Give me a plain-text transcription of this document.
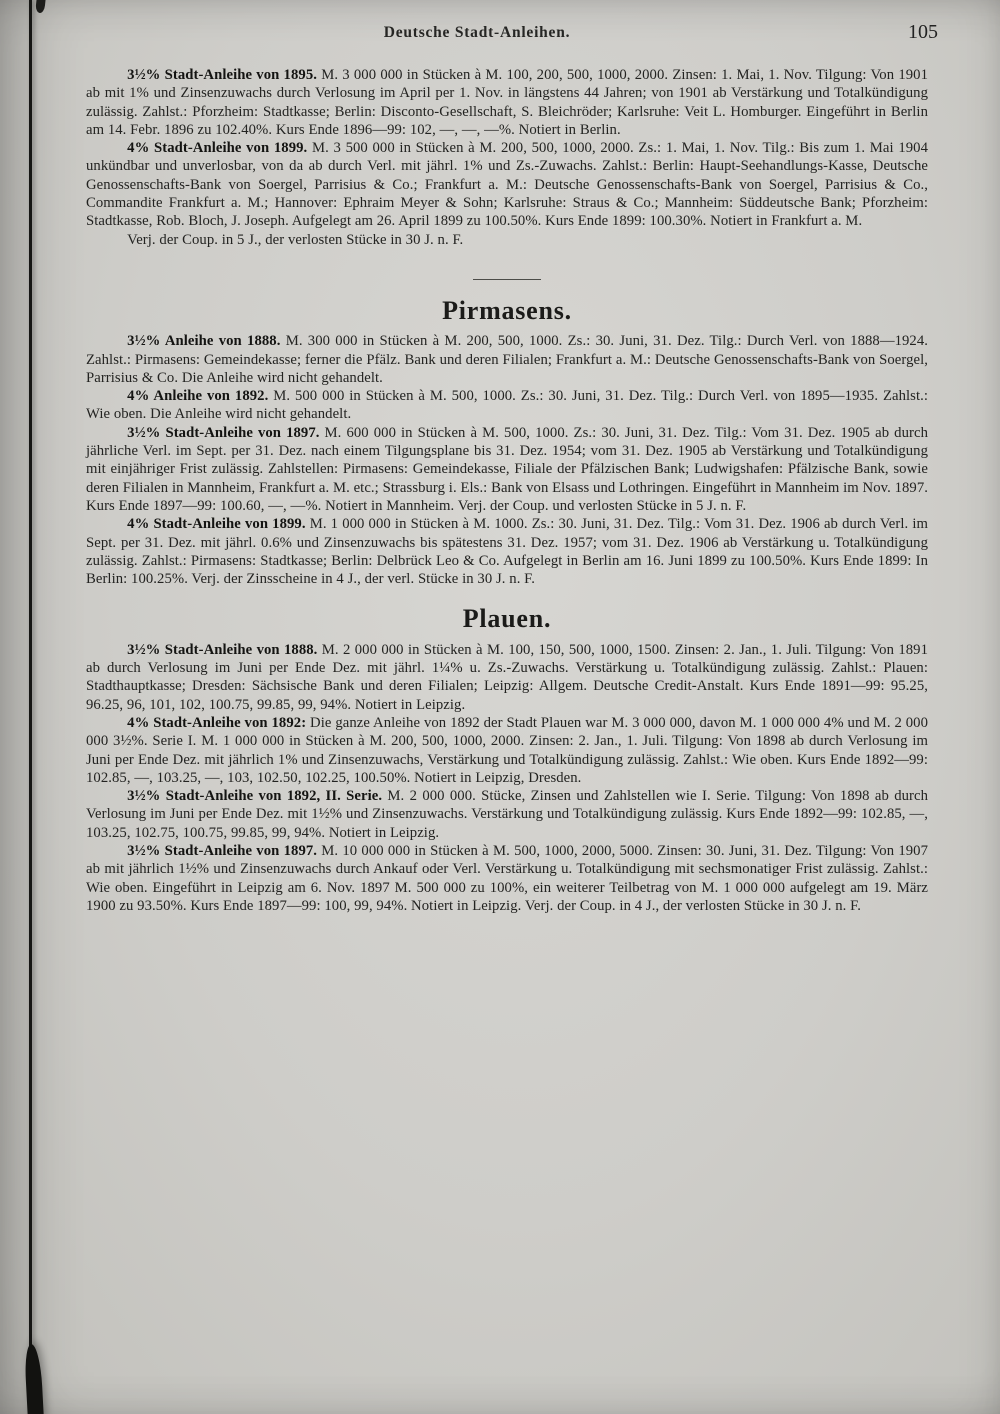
Deutsche Stadt-Anleihen.	105

3½% Stadt-Anleihe von 1895. M. 3 000 000 in Stücken à M. 100, 200, 500, 1000, 2000. Zinsen: 1. Mai, 1. Nov. Tilgung: Von 1901 ab mit 1% und Zinsenzuwachs durch Verlosung im April per 1. Nov. in längstens 44 Jahren; von 1901 ab Verstärkung und Totalkündigung zulässig. Zahlst.: Pforzheim: Stadtkasse; Berlin: Disconto-Gesellschaft, S. Bleichröder; Karlsruhe: Veit L. Homburger. Eingeführt in Berlin am 14. Febr. 1896 zu 102.40%. Kurs Ende 1896—99: 102, —, —, —%. Notiert in Berlin.

4% Stadt-Anleihe von 1899. M. 3 500 000 in Stücken à M. 200, 500, 1000, 2000. Zs.: 1. Mai, 1. Nov. Tilg.: Bis zum 1. Mai 1904 unkündbar und unverlosbar, von da ab durch Verl. mit jährl. 1% und Zs.-Zuwachs. Zahlst.: Berlin: Haupt-Seehandlungs-Kasse, Deutsche Genossenschafts-Bank von Soergel, Parrisius & Co.; Frankfurt a. M.: Deutsche Genossenschafts-Bank von Soergel, Parrisius & Co., Commandite Frankfurt a. M.; Hannover: Ephraim Meyer & Sohn; Karlsruhe: Straus & Co.; Mannheim: Süddeutsche Bank; Pforzheim: Stadtkasse, Rob. Bloch, J. Joseph. Aufgelegt am 26. April 1899 zu 100.50%. Kurs Ende 1899: 100.30%. Notiert in Frankfurt a. M.

Verj. der Coup. in 5 J., der verlosten Stücke in 30 J. n. F.

Pirmasens.

3½% Anleihe von 1888. M. 300 000 in Stücken à M. 200, 500, 1000. Zs.: 30. Juni, 31. Dez. Tilg.: Durch Verl. von 1888—1924. Zahlst.: Pirmasens: Gemeindekasse; ferner die Pfälz. Bank und deren Filialen; Frankfurt a. M.: Deutsche Genossenschafts-Bank von Soergel, Parrisius & Co. Die Anleihe wird nicht gehandelt.

4% Anleihe von 1892. M. 500 000 in Stücken à M. 500, 1000. Zs.: 30. Juni, 31. Dez. Tilg.: Durch Verl. von 1895—1935. Zahlst.: Wie oben. Die Anleihe wird nicht gehandelt.

3½% Stadt-Anleihe von 1897. M. 600 000 in Stücken à M. 500, 1000. Zs.: 30. Juni, 31. Dez. Tilg.: Vom 31. Dez. 1905 ab durch jährliche Verl. im Sept. per 31. Dez. nach einem Tilgungsplane bis 31. Dez. 1954; vom 31. Dez. 1905 ab Verstärkung und Totalkündigung mit einjähriger Frist zulässig. Zahlstellen: Pirmasens: Gemeindekasse, Filiale der Pfälzischen Bank; Ludwigshafen: Pfälzische Bank, sowie deren Filialen in Mannheim, Frankfurt a. M. etc.; Strassburg i. Els.: Bank von Elsass und Lothringen. Eingeführt in Mannheim im Nov. 1897. Kurs Ende 1897—99: 100.60, —, —%. Notiert in Mannheim. Verj. der Coup. und verlosten Stücke in 5 J. n. F.

4% Stadt-Anleihe von 1899. M. 1 000 000 in Stücken à M. 1000. Zs.: 30. Juni, 31. Dez. Tilg.: Vom 31. Dez. 1906 ab durch Verl. im Sept. per 31. Dez. mit jährl. 0.6% und Zinsenzuwachs bis spätestens 31. Dez. 1957; vom 31. Dez. 1906 ab Verstärkung u. Totalkündigung zulässig. Zahlst.: Pirmasens: Stadtkasse; Berlin: Delbrück Leo & Co. Aufgelegt in Berlin am 16. Juni 1899 zu 100.50%. Kurs Ende 1899: In Berlin: 100.25%. Verj. der Zinsscheine in 4 J., der verl. Stücke in 30 J. n. F.

Plauen.

3½% Stadt-Anleihe von 1888. M. 2 000 000 in Stücken à M. 100, 150, 500, 1000, 1500. Zinsen: 2. Jan., 1. Juli. Tilgung: Von 1891 ab durch Verlosung im Juni per Ende Dez. mit jährl. 1¼% u. Zs.-Zuwachs. Verstärkung u. Totalkündigung zulässig. Zahlst.: Plauen: Stadthauptkasse; Dresden: Sächsische Bank und deren Filialen; Leipzig: Allgem. Deutsche Credit-Anstalt. Kurs Ende 1891—99: 95.25, 96.25, 96, 101, 102, 100.75, 99.85, 99, 94%. Notiert in Leipzig.

4% Stadt-Anleihe von 1892: Die ganze Anleihe von 1892 der Stadt Plauen war M. 3 000 000, davon M. 1 000 000 4% und M. 2 000 000 3½%. Serie I. M. 1 000 000 in Stücken à M. 200, 500, 1000, 2000. Zinsen: 2. Jan., 1. Juli. Tilgung: Von 1898 ab durch Verlosung im Juni per Ende Dez. mit jährlich 1% und Zinsenzuwachs, Verstärkung und Totalkündigung zulässig. Zahlst.: Wie oben. Kurs Ende 1892—99: 102.85, —, 103.25, —, 103, 102.50, 102.25, 100.50%. Notiert in Leipzig, Dresden.

3½% Stadt-Anleihe von 1892, II. Serie. M. 2 000 000. Stücke, Zinsen und Zahlstellen wie I. Serie. Tilgung: Von 1898 ab durch Verlosung im Juni per Ende Dez. mit 1½% und Zinsenzuwachs. Verstärkung und Totalkündigung zulässig. Kurs Ende 1892—99: 102.85, —, 103.25, 102.75, 100.75, 99.85, 99, 94%. Notiert in Leipzig.

3½% Stadt-Anleihe von 1897. M. 10 000 000 in Stücken à M. 500, 1000, 2000, 5000. Zinsen: 30. Juni, 31. Dez. Tilgung: Von 1907 ab mit jährlich 1½% und Zinsenzuwachs durch Ankauf oder Verl. Verstärkung u. Totalkündigung mit sechsmonatiger Frist zulässig. Zahlst.: Wie oben. Eingeführt in Leipzig am 6. Nov. 1897 M. 500 000 zu 100%, ein weiterer Teilbetrag von M. 1 000 000 aufgelegt am 19. März 1900 zu 93.50%. Kurs Ende 1897—99: 100, 99, 94%. Notiert in Leipzig. Verj. der Coup. in 4 J., der verlosten Stücke in 30 J. n. F.
